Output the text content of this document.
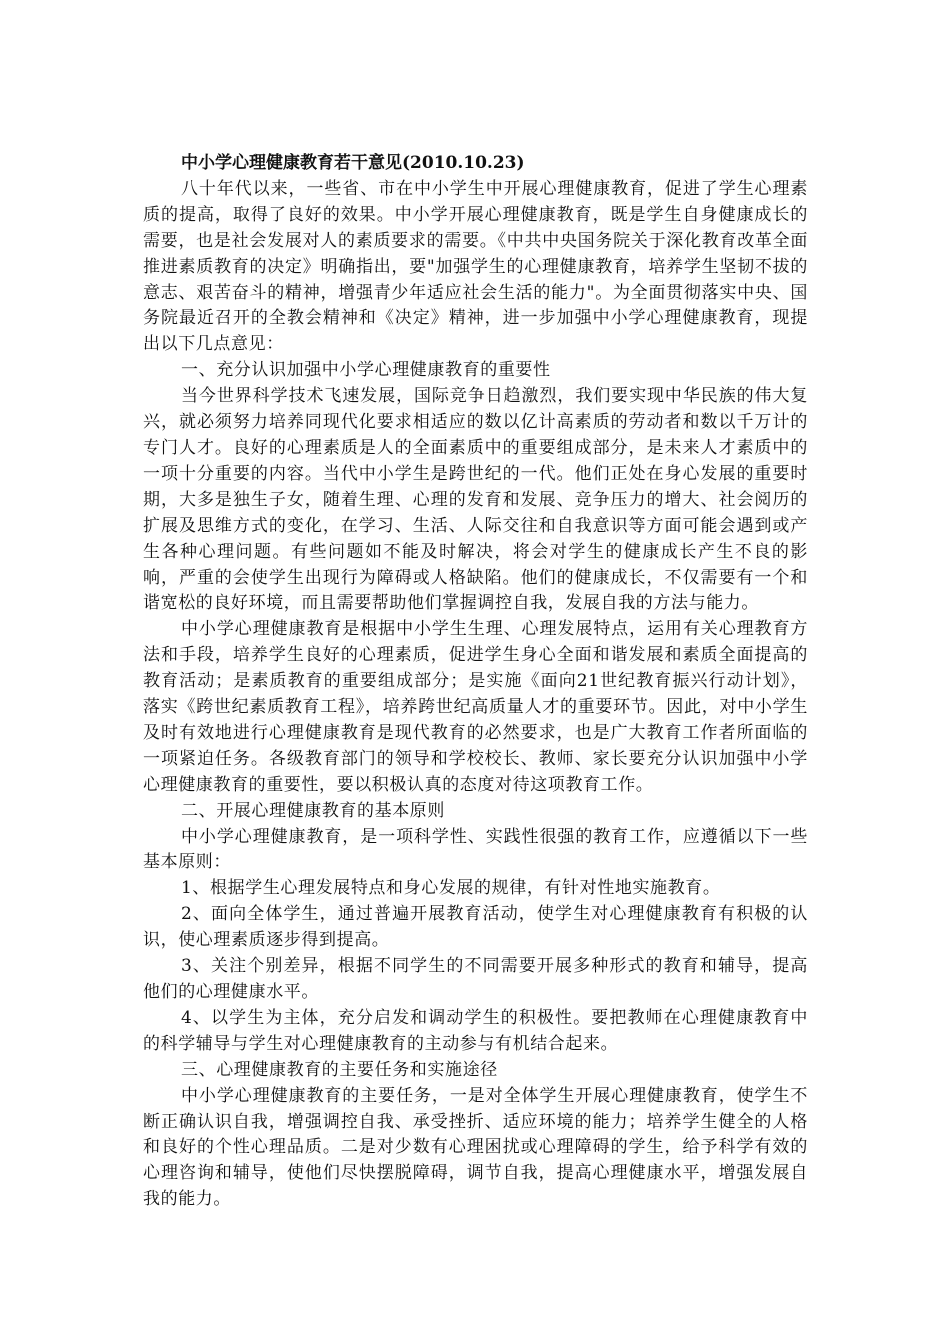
中小学心理健康教育若干意见(2010.10.23)

八十年代以来，一些省、市在中小学生中开展心理健康教育，促进了学生心理素质的提高，取得了良好的效果。中小学开展心理健康教育，既是学生自身健康成长的需要，也是社会发展对人的素质要求的需要。《中共中央国务院关于深化教育改革全面推进素质教育的决定》明确指出，要"加强学生的心理健康教育，培养学生坚韧不拔的意志、艰苦奋斗的精神，增强青少年适应社会生活的能力"。为全面贯彻落实中央、国务院最近召开的全教会精神和《决定》精神，进一步加强中小学心理健康教育，现提出以下几点意见：

一、充分认识加强中小学心理健康教育的重要性

当今世界科学技术飞速发展，国际竞争日趋激烈，我们要实现中华民族的伟大复兴，就必须努力培养同现代化要求相适应的数以亿计高素质的劳动者和数以千万计的专门人才。良好的心理素质是人的全面素质中的重要组成部分，是未来人才素质中的一项十分重要的内容。当代中小学生是跨世纪的一代。他们正处在身心发展的重要时期，大多是独生子女，随着生理、心理的发育和发展、竞争压力的增大、社会阅历的扩展及思维方式的变化，在学习、生活、人际交往和自我意识等方面可能会遇到或产生各种心理问题。有些问题如不能及时解决，将会对学生的健康成长产生不良的影响，严重的会使学生出现行为障碍或人格缺陷。他们的健康成长，不仅需要有一个和谐宽松的良好环境，而且需要帮助他们掌握调控自我，发展自我的方法与能力。

中小学心理健康教育是根据中小学生生理、心理发展特点，运用有关心理教育方法和手段，培养学生良好的心理素质，促进学生身心全面和谐发展和素质全面提高的教育活动；是素质教育的重要组成部分；是实施《面向21世纪教育振兴行动计划》，落实《跨世纪素质教育工程》，培养跨世纪高质量人才的重要环节。因此，对中小学生及时有效地进行心理健康教育是现代教育的必然要求，也是广大教育工作者所面临的一项紧迫任务。各级教育部门的领导和学校校长、教师、家长要充分认识加强中小学心理健康教育的重要性，要以积极认真的态度对待这项教育工作。

二、开展心理健康教育的基本原则

中小学心理健康教育，是一项科学性、实践性很强的教育工作，应遵循以下一些基本原则：

1、根据学生心理发展特点和身心发展的规律，有针对性地实施教育。

2、面向全体学生，通过普遍开展教育活动，使学生对心理健康教育有积极的认识，使心理素质逐步得到提高。

3、关注个别差异，根据不同学生的不同需要开展多种形式的教育和辅导，提高他们的心理健康水平。

4、以学生为主体，充分启发和调动学生的积极性。要把教师在心理健康教育中的科学辅导与学生对心理健康教育的主动参与有机结合起来。

三、心理健康教育的主要任务和实施途径

中小学心理健康教育的主要任务，一是对全体学生开展心理健康教育，使学生不断正确认识自我，增强调控自我、承受挫折、适应环境的能力；培养学生健全的人格和良好的个性心理品质。二是对少数有心理困扰或心理障碍的学生，给予科学有效的心理咨询和辅导，使他们尽快摆脱障碍，调节自我，提高心理健康水平，增强发展自我的能力。
